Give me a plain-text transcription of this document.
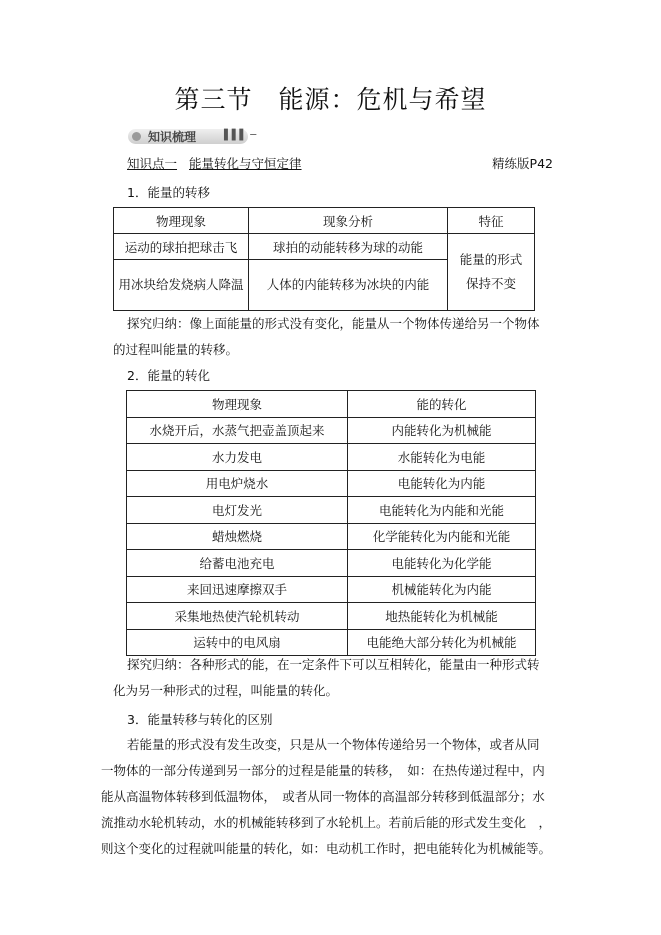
第三节 能源：危机与希望
知识梳理	▌▌▌ ─
知识点一 能量转化与守恒定律	精练版P42
1．能量的转移
物理现象	现象分析	特征
运动的球拍把球击飞	球拍的动能转移为球的动能	能量的形式保持不变
用冰块给发烧病人降温	人体的内能转移为冰块的内能	
探究归纳：像上面能量的形式没有变化，能量从一个物体传递给另一个物体
的过程叫能量的转移。
2．能量的转化
物理现象	能的转化
水烧开后，水蒸气把壶盖顶起来	内能转化为机械能
水力发电	水能转化为电能
用电炉烧水	电能转化为内能
电灯发光	电能转化为内能和光能
蜡烛燃烧	化学能转化为内能和光能
给蓄电池充电	电能转化为化学能
来回迅速摩擦双手	机械能转化为内能
采集地热使汽轮机转动	地热能转化为机械能
运转中的电风扇	电能绝大部分转化为机械能
探究归纳：各种形式的能，在一定条件下可以互相转化，能量由一种形式转
化为另一种形式的过程，叫能量的转化。
3．能量转移与转化的区别
若能量的形式没有发生改变，只是从一个物体传递给另一个物体，或者从同
一物体的一部分传递到另一部分的过程是能量的转移，　如：在热传递过程中，内
能从高温物体转移到低温物体，　或者从同一物体的高温部分转移到低温部分；水
流推动水轮机转动，水的机械能转移到了水轮机上。若前后能的形式发生变化　，
则这个变化的过程就叫能量的转化，如：电动机工作时，把电能转化为机械能等。
